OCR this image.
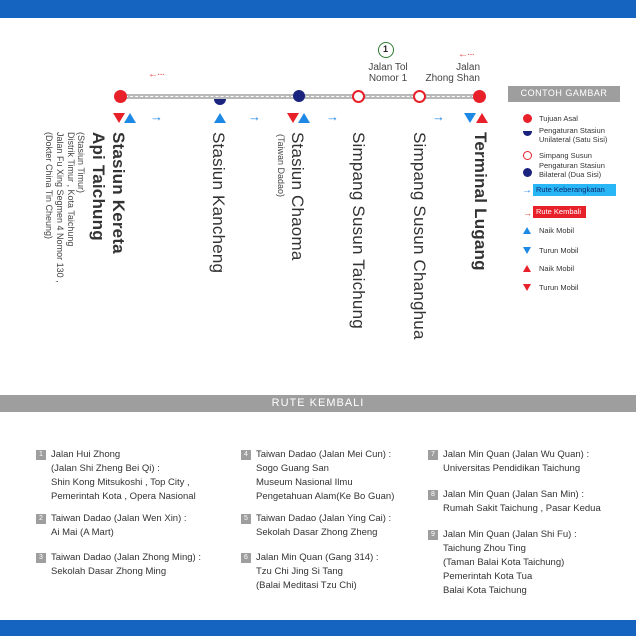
1
Jalan Tol
Nomor 1
←···
Jalan
Zhong Shan
←···
→	→	→	→
Stasiun Kereta
Api Taichung
(Stasiun Timur)
Distrik Timur , Kota Taichung
Jalan Fu Xing Segmen 4 Nomor 130 ,
(Dokter China Tin Cheung)	Stasiun Kancheng	Stasiun Chaoma
(Taiwan Dadao)	Simpang Susun Taichung Simpang Susun Changhua Terminal Lugang
CONTOH GAMBAR
Tujuan Asal
Pengaturan Stasiun Unilateral (Satu Sisi)
Simpang Susun
Pengaturan Stasiun Bilateral (Dua Sisi)
→ Rute Keberangkatan
→ Rute Kembali
Naik Mobil
Turun Mobil
Naik Mobil
Turun Mobil
RUTE KEMBALI
1 Jalan Hui Zhong
(Jalan Shi Zheng Bei Qi) :
Shin Kong Mitsukoshi , Top City ,
Pemerintah Kota , Opera Nasional
2 Taiwan Dadao (Jalan Wen Xin) :
Ai Mai (A Mart)
3 Taiwan Dadao (Jalan Zhong Ming) :
Sekolah Dasar Zhong Ming
4 Taiwan Dadao (Jalan Mei Cun) :
Sogo Guang San
Museum Nasional Ilmu
Pengetahuan Alam(Ke Bo Guan)
5 Taiwan Dadao (Jalan Ying Cai) :
Sekolah Dasar Zhong Zheng
6 Jalan Min Quan (Gang 314) :
Tzu Chi Jing Si Tang
(Balai Meditasi Tzu Chi)
7 Jalan Min Quan (Jalan Wu Quan) :
Universitas Pendidikan Taichung
8 Jalan Min Quan (Jalan San Min) :
Rumah Sakit Taichung , Pasar Kedua
9 Jalan Min Quan (Jalan Shi Fu) :
Taichung Zhou Ting
(Taman Balai Kota Taichung)
Pemerintah Kota Tua
Balai Kota Taichung
